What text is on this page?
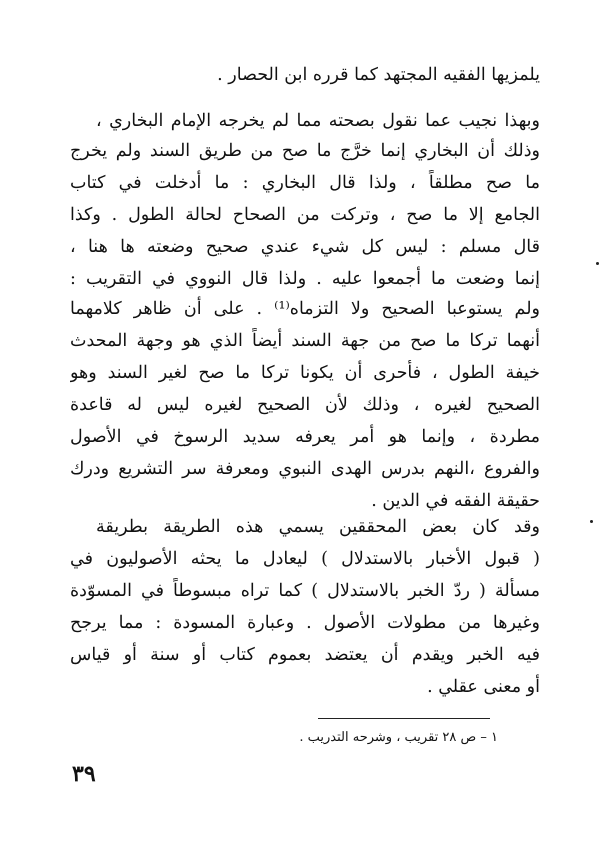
يلمزيها الفقيه المجتهد كما قرره ابن الحصار .
وبهذا نجيب عما نقول بصحته مما لم يخرجه الإمام البخاري ،
وذلك أن البخاري إنما خرَّج ما صح من طريق السند ولم يخرج
ما صح مطلقاً ، ولذا قال البخاري : ما أدخلت في كتاب
الجامع إلا ما صح ، وتركت من الصحاح لحالة الطول . وكذا
قال مسلم : ليس كل شيء عندي صحيح وضعته ها هنا ،
إنما وضعت ما أجمعوا عليه . ولذا قال النووي في التقريب :
ولم يستوعبا الصحيح ولا التزماه⁽¹⁾ . على أن ظاهر كلامهما
أنهما تركا ما صح من جهة السند أيضاً الذي هو وجهة المحدث
خيفة الطول ، فأحرى أن يكونا تركا ما صح لغير السند وهو
الصحيح لغيره ، وذلك لأن الصحيح لغيره ليس له قاعدة
مطردة ، وإنما هو أمر يعرفه سديد الرسوخ في الأصول
والفروع ،النهم بدرس الهدى النبوي ومعرفة سر التشريع ودرك
حقيقة الفقه في الدين .
وقد كان بعض المحققين يسمي هذه الطريقة بطريقة
( قبول الأخبار بالاستدلال ) ليعادل ما يحثه الأصوليون في
مسألة ( ردّ الخبر بالاستدلال ) كما تراه مبسوطاً في المسوّدة
وغيرها من مطولات الأصول . وعبارة المسودة : مما يرجح
فيه الخبر ويقدم أن يعتضد بعموم كتاب أو سنة أو قياس
أو معنى عقلي .
١ – ص ٢٨ تقريب ، وشرحه التدريب .
٣٩
